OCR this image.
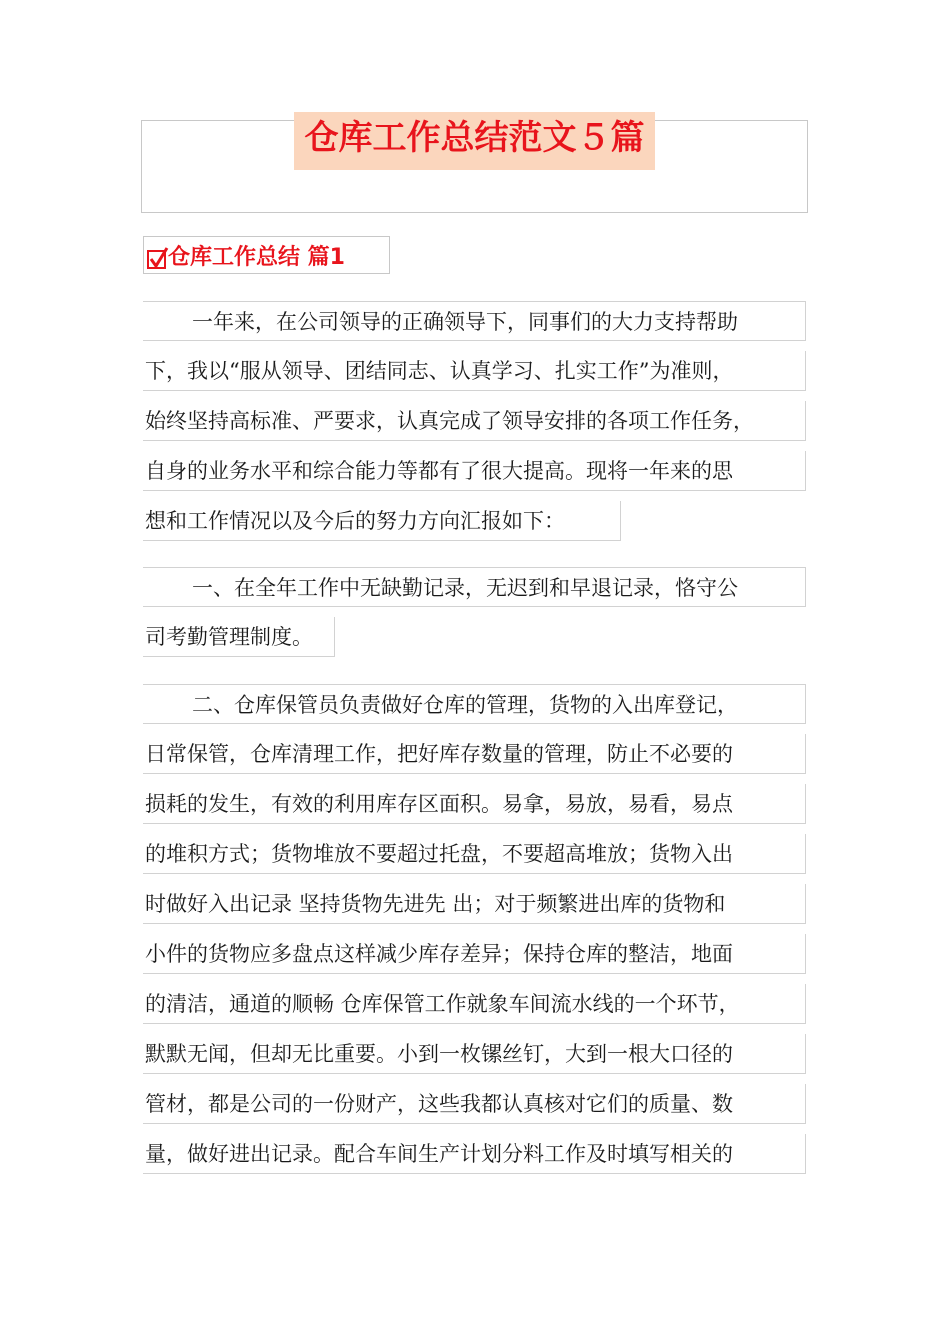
仓库工作总结范文５篇
仓库工作总结 篇1
一年来，在公司领导的正确领导下，同事们的大力支持帮助
下，我以“服从领导、团结同志、认真学习、扎实工作”为准则，
始终坚持高标准、严要求，认真完成了领导安排的各项工作任务，
自身的业务水平和综合能力等都有了很大提高。现将一年来的思
想和工作情况以及今后的努力方向汇报如下：
一、在全年工作中无缺勤记录，无迟到和早退记录，恪守公
司考勤管理制度。
二、仓库保管员负责做好仓库的管理，货物的入出库登记，
日常保管，仓库清理工作，把好库存数量的管理，防止不必要的
损耗的发生，有效的利用库存区面积。易拿，易放，易看，易点
的堆积方式；货物堆放不要超过托盘，不要超高堆放；货物入出
时做好入出记录 坚持货物先进先 出；对于频繁进出库的货物和
小件的货物应多盘点这样减少库存差异；保持仓库的整洁，地面
的清洁，通道的顺畅 仓库保管工作就象车间流水线的一个环节，
默默无闻，但却无比重要。小到一枚镙丝钉，大到一根大口径的
管材，都是公司的一份财产，这些我都认真核对它们的质量、数
量，做好进出记录。配合车间生产计划分料工作及时填写相关的
